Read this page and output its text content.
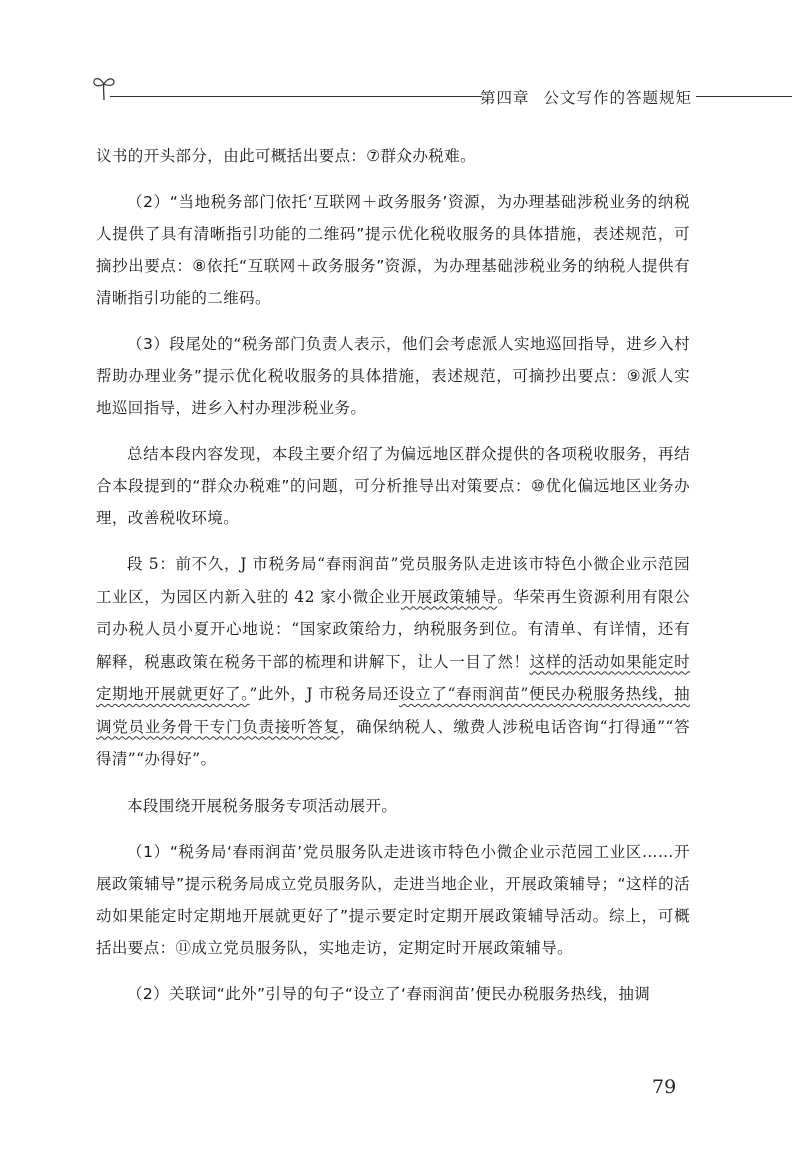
第四章 公文写作的答题规矩

议书的开头部分，由此可概括出要点：⑦群众办税难。

（2）“当地税务部门依托‘互联网＋政务服务’资源，为办理基础涉税业务的纳税人提供了具有清晰指引功能的二维码”提示优化税收服务的具体措施，表述规范，可摘抄出要点：⑧依托“互联网＋政务服务”资源，为办理基础涉税业务的纳税人提供有清晰指引功能的二维码。

（3）段尾处的“税务部门负责人表示，他们会考虑派人实地巡回指导，进乡入村帮助办理业务”提示优化税收服务的具体措施，表述规范，可摘抄出要点：⑨派人实地巡回指导，进乡入村办理涉税业务。

总结本段内容发现，本段主要介绍了为偏远地区群众提供的各项税收服务，再结合本段提到的“群众办税难”的问题，可分析推导出对策要点：⑩优化偏远地区业务办理，改善税收环境。

段 5：前不久，J 市税务局“春雨润苗”党员服务队走进该市特色小微企业示范园工业区，为园区内新入驻的 42 家小微企业开展政策辅导。华荣再生资源利用有限公司办税人员小夏开心地说：“国家政策给力，纳税服务到位。有清单、有详情，还有解释，税惠政策在税务干部的梳理和讲解下，让人一目了然！这样的活动如果能定时定期地开展就更好了。”此外，J 市税务局还设立了“春雨润苗”便民办税服务热线，抽调党员业务骨干专门负责接听答复，确保纳税人、缴费人涉税电话咨询“打得通”“答得清”“办得好”。

本段围绕开展税务服务专项活动展开。

（1）“税务局‘春雨润苗’党员服务队走进该市特色小微企业示范园工业区……开展政策辅导”提示税务局成立党员服务队，走进当地企业，开展政策辅导；“这样的活动如果能定时定期地开展就更好了”提示要定时定期开展政策辅导活动。综上，可概括出要点：⑪成立党员服务队，实地走访，定期定时开展政策辅导。

（2）关联词“此外”引导的句子“设立了‘春雨润苗’便民办税服务热线，抽调

79
